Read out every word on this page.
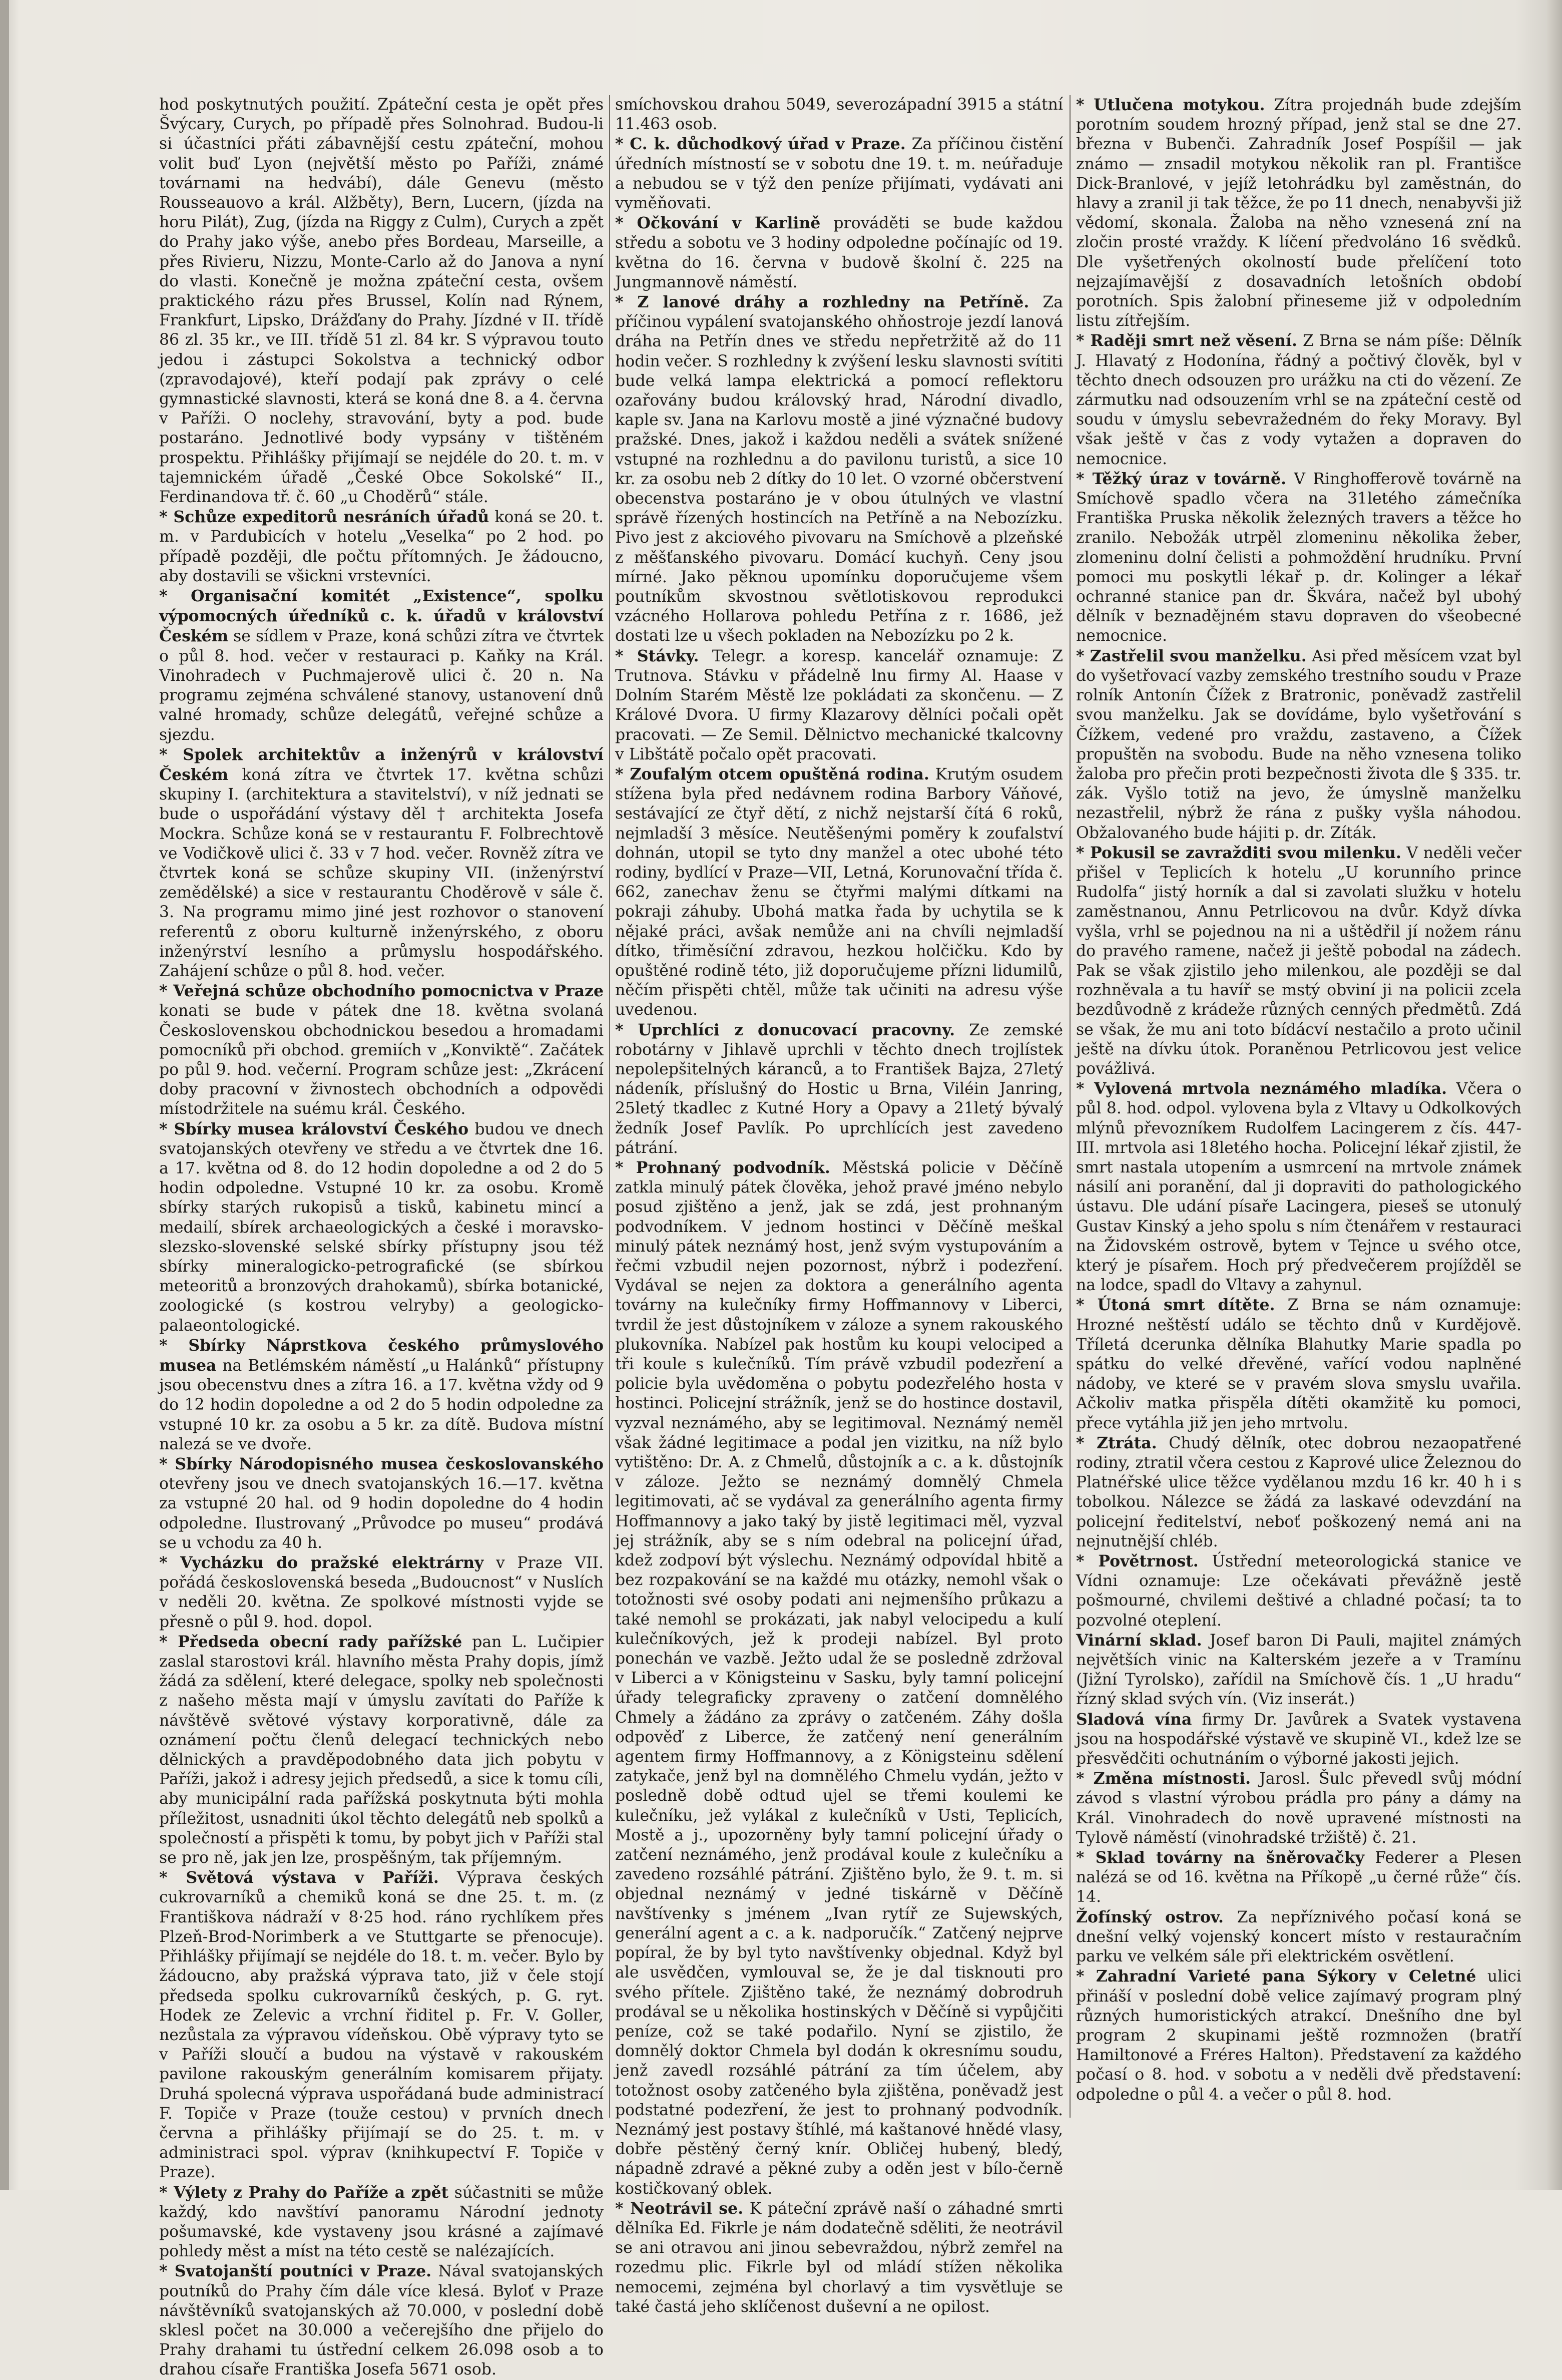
hod poskytnutých použití. Zpáteční cesta je opět přes Švýcary, Curych, po případě přes Solnohrad. Budou-li si účastníci přáti zábavnější cestu zpáteční, mohou volit buď Lyon (největší město po Paříži, známé továrnami na hedvábí), dále Genevu (město Rousseauovo a král. Alžběty), Bern, Lucern, (jízda na horu Pilát), Zug, (jízda na Riggy z Culm), Curych a zpět do Prahy jako výše, anebo přes Bordeau, Marseille, a přes Rivieru, Nizzu, Monte-Carlo až do Janova a nyní do vlasti. Konečně je možna zpáteční cesta, ovšem praktického rázu přes Brussel, Kolín nad Rýnem, Frankfurt, Lipsko, Drážďany do Prahy. Jízdné v II. třídě 86 zl. 35 kr., ve III. třídě 51 zl. 84 kr. S výpravou touto jedou i zástupci Sokolstva a technický odbor (zpravodajové), kteří podají pak zprávy o celé gymnastické slavnosti, která se koná dne 8. a 4. června v Paříži. O noclehy, stravování, byty a pod. bude postaráno. Jednotlivé body vypsány v tištěném prospektu. Přihlášky přijímají se nejdéle do 20. t. m. v tajemnickém úřadě „České Obce Sokolské“ II., Ferdinandova tř. č. 60 „u Choděrů“ stále.

* Schůze expeditorů nesráních úřadů koná se 20. t. m. v Pardubicích v hotelu „Veselka“ po 2 hod. po případě později, dle počtu přítomných. Je žádoucno, aby dostavili se všickni vrstevníci.

* Organisační komitét „Existence“, spolku výpomocných úředníků c. k. úřadů v království Českém se sídlem v Praze, koná schůzi zítra ve čtvrtek o půl 8. hod. večer v restauraci p. Kaňky na Král. Vinohradech v Puchmajerově ulici č. 20 n. Na programu zejména schválené stanovy, ustanovení dnů valné hromady, schůze delegátů, veřejné schůze a sjezdu.

* Spolek architektův a inženýrů v království Českém koná zítra ve čtvrtek 17. května schůzi skupiny I. (architektura a stavitelství), v níž jednati se bude o uspořádání výstavy děl † architekta Josefa Mockra. Schůze koná se v restaurantu F. Folbrechtově ve Vodičkově ulici č. 33 v 7 hod. večer. Rovněž zítra ve čtvrtek koná se schůze skupiny VII. (inženýrství zemědělské) a sice v restaurantu Choděrově v sále č. 3. Na programu mimo jiné jest rozhovor o stanovení referentů z oboru kulturně inženýrského, z oboru inženýrství lesního a průmyslu hospodářského. Zahájení schůze o půl 8. hod. večer.

* Veřejná schůze obchodního pomocnictva v Praze konati se bude v pátek dne 18. května svolaná Československou obchodnickou besedou a hromadami pomocníků při obchod. gremiích v „Konviktě“. Začátek po půl 9. hod. večerní. Program schůze jest: „Zkrácení doby pracovní v živnostech obchodních a odpovědi místodržitele na suému král. Českého.

* Sbírky musea království Českého budou ve dnech svatojanských otevřeny ve středu a ve čtvrtek dne 16. a 17. května od 8. do 12 hodin dopoledne a od 2 do 5 hodin odpoledne. Vstupné 10 kr. za osobu. Kromě sbírky starých rukopisů a tisků, kabinetu mincí a medailí, sbírek archaeologických a české i moravsko-slezsko-slovenské selské sbírky přístupny jsou též sbírky mineralogicko-petrografické (se sbírkou meteoritů a bronzových drahokamů), sbírka botanické, zoologické (s kostrou velryby) a geologicko-palaeontologické.

* Sbírky Náprstkova českého průmyslového musea na Betlémském náměstí „u Halánků“ přístupny jsou obecenstvu dnes a zítra 16. a 17. května vždy od 9 do 12 hodin dopoledne a od 2 do 5 hodin odpoledne za vstupné 10 kr. za osobu a 5 kr. za dítě. Budova místní nalezá se ve dvoře.

* Sbírky Národopisného musea českoslovanského otevřeny jsou ve dnech svatojanských 16.—17. května za vstupné 20 hal. od 9 hodin dopoledne do 4 hodin odpoledne. Ilustrovaný „Průvodce po museu“ prodává se u vchodu za 40 h.

* Vycházku do pražské elektrárny v Praze VII. pořádá československá beseda „Budoucnost“ v Nuslích v neděli 20. května. Ze spolkové místnosti vyjde se přesně o půl 9. hod. dopol.

* Předseda obecní rady pařížské pan L. Lučipier zaslal starostovi král. hlavního města Prahy dopis, jímž žádá za sdělení, které delegace, spolky neb společnosti z našeho města mají v úmyslu zavítati do Paříže k návštěvě světové výstavy korporativně, dále za oznámení počtu členů delegací technických nebo dělnických a pravděpodobného data jich pobytu v Paříži, jakož i adresy jejich předsedů, a sice k tomu cíli, aby municipální rada pařížská poskytnuta býti mohla příležitost, usnadniti úkol těchto delegátů neb spolků a společností a přispěti k tomu, by pobyt jich v Paříži stal se pro ně, jak jen lze, prospěšným, tak příjemným.

* Světová výstava v Paříži. Výprava českých cukrovarníků a chemiků koná se dne 25. t. m. (z Františkova nádraží v 8·25 hod. ráno rychlíkem přes Plzeň-Brod-Norimberk a ve Stuttgarte se přenocuje). Přihlášky přijímají se nejdéle do 18. t. m. večer. Bylo by žádoucno, aby pražská výprava tato, již v čele stojí předseda spolku cukrovarníků českých, p. G. ryt. Hodek ze Zelevic a vrchní řiditel p. Fr. V. Goller, nezůstala za výpravou vídeňskou. Obě výpravy tyto se v Paříži sloučí a budou na výstavě v rakouském pavilone rakouským generálním komisarem přijaty. Druhá spolecná výprava uspořádaná bude administrací F. Topiče v Praze (touže cestou) v prvních dnech června a přihlášky přijímají se do 25. t. m. v administraci spol. výprav (knihkupectví F. Topiče v Praze).

* Výlety z Prahy do Paříže a zpět súčastniti se může každý, kdo navštíví panoramu Národní jednoty pošumavské, kde vystaveny jsou krásné a zajímavé pohledy měst a míst na této cestě se nalézajících.

* Svatojanští poutníci v Praze. Nával svatojanských poutníků do Prahy čím dále více klesá. Byloť v Praze návštěvníků svatojanských až 70.000, v poslední době sklesl počet na 30.000 a večerejšího dne přijelo do Prahy drahami tu ústřední celkem 26.098 osob a to drahou císaře Františka Josefa 5671 osob.

smíchovskou drahou 5049, severozápadní 3915 a státní 11.463 osob.

* C. k. důchodkový úřad v Praze. Za příčinou čistění úředních místností se v sobotu dne 19. t. m. neúřaduje a nebudou se v týž den peníze přijímati, vydávati ani vyměňovati.

* Očkování v Karlině prováděti se bude každou středu a sobotu ve 3 hodiny odpoledne počínajíc od 19. května do 16. června v budově školní č. 225 na Jungmannově náměstí.

* Z lanové dráhy a rozhledny na Petříně. Za příčinou vypálení svatojanského ohňostroje jezdí lanová dráha na Petřín dnes ve středu nepřetržitě až do 11 hodin večer. S rozhledny k zvýšení lesku slavnosti svítiti bude velká lampa elektrická a pomocí reflektoru ozařovány budou královský hrad, Národní divadlo, kaple sv. Jana na Karlovu mostě a jiné význačné budovy pražské. Dnes, jakož i každou neděli a svátek snížené vstupné na rozhlednu a do pavilonu turistů, a sice 10 kr. za osobu neb 2 dítky do 10 let. O vzorné občerstvení obecenstva postaráno je v obou útulných ve vlastní správě řízených hostincích na Petříně a na Nebozízku. Pivo jest z akciového pivovaru na Smíchově a plzeňské z měšťanského pivovaru. Domácí kuchyň. Ceny jsou mírné. Jako pěknou upomínku doporučujeme všem poutníkům skvostnou světlotiskovou reprodukci vzácného Hollarova pohledu Petřína z r. 1686, jež dostati lze u všech pokladen na Nebozízku po 2 k.

* Stávky. Telegr. a koresp. kancelář oznamuje: Z Trutnova. Stávku v přádelně lnu firmy Al. Haase v Dolním Starém Městě lze pokládati za skončenu. — Z Králové Dvora. U firmy Klazarovy dělníci počali opět pracovati. — Ze Semil. Dělnictvo mechanické tkalcovny v Libštátě počalo opět pracovati.

* Zoufalým otcem opuštěná rodina. Krutým osudem stížena byla před nedávnem rodina Barbory Váňové, sestávající ze čtyř dětí, z nichž nejstarší čítá 6 roků, nejmladší 3 měsíce. Neutěšenými poměry k zoufalství dohnán, utopil se tyto dny manžel a otec ubohé této rodiny, bydlící v Praze—VII, Letná, Korunovační třída č. 662, zanechav ženu se čtyřmi malými dítkami na pokraji záhuby. Ubohá matka řada by uchytila se k nějaké práci, avšak nemůže ani na chvíli nejmladší dítko, třiměsíční zdravou, hezkou holčičku. Kdo by opuštěné rodině této, již doporučujeme přízni lidumilů, něčím přispěti chtěl, může tak učiniti na adresu výše uvedenou.

* Uprchlíci z donucovací pracovny. Ze zemské robotárny v Jihlavě uprchli v těchto dnech trojlístek nepolepšitelných káranců, a to František Bajza, 27letý nádeník, příslušný do Hostic u Brna, Viléin Janring, 25letý tkadlec z Kutné Hory a Opavy a 21letý bývalý žedník Josef Pavlík. Po uprchlících jest zavedeno pátrání.

* Prohnaný podvodník. Městská policie v Děčíně zatkla minulý pátek člověka, jehož pravé jméno nebylo posud zjištěno a jenž, jak se zdá, jest prohnaným podvodníkem. V jednom hostinci v Děčíně meškal minulý pátek neznámý host, jenž svým vystupováním a řečmi vzbudil nejen pozornost, nýbrž i podezření. Vydával se nejen za doktora a generálního agenta továrny na kulečníky firmy Hoffmannovy v Liberci, tvrdil že jest důstojníkem v záloze a synem rakouského plukovníka. Nabízel pak hostům ku koupi velociped a tři koule s kulečníků. Tím právě vzbudil podezření a policie byla uvědoměna o pobytu podezřelého hosta v hostinci. Policejní strážník, jenž se do hostince dostavil, vyzval neznámého, aby se legitimoval. Neznámý neměl však žádné legitimace a podal jen vizitku, na níž bylo vytištěno: Dr. A. z Chmelů, důstojník a c. a k. důstojník v záloze. Ježto se neznámý domnělý Chmela legitimovati, ač se vydával za generálního agenta firmy Hoffmannovy a jako taký by jistě legitimaci měl, vyzval jej strážník, aby se s ním odebral na policejní úřad, kdež zodpoví být výslechu. Neznámý odpovídal hbitě a bez rozpakování se na každé mu otázky, nemohl však o totožnosti své osoby podati ani nejmenšího průkazu a také nemohl se prokázati, jak nabyl velocipedu a kulí kulečníkových, jež k prodeji nabízel. Byl proto ponechán ve vazbě. Ježto udal že se posledně zdržoval v Liberci a v Königsteinu v Sasku, byly tamní policejní úřady telegraficky zpraveny o zatčení domnělého Chmely a žádáno za zprávy o zatčeném. Záhy došla odpověď z Liberce, že zatčený není generálním agentem firmy Hoffmannovy, a z Königsteinu sdělení zatykače, jenž byl na domnělého Chmelu vydán, ježto v posledně době odtud ujel se třemi koulemi ke kulečníku, jež vylákal z kulečníků v Usti, Teplicích, Mostě a j., upozorněny byly tamní policejní úřady o zatčení neznámého, jenž prodával koule z kulečníku a zavedeno rozsáhlé pátrání. Zjištěno bylo, že 9. t. m. si objednal neznámý v jedné tiskárně v Děčíně navštívenky s jménem „Ivan rytíř ze Sujewských, generální agent a c. a k. nadporučík.“ Zatčený nejprve popíral, že by byl tyto navštívenky objednal. Když byl ale usvědčen, vymlouval se, že je dal tisknouti pro svého přítele. Zjištěno také, že neznámý dobrodruh prodával se u několika hostinských v Děčíně si vypůjčiti peníze, což se také podařilo. Nyní se zjistilo, že domnělý doktor Chmela byl dodán k okresnímu soudu, jenž zavedl rozsáhlé pátrání za tím účelem, aby totožnost osoby zatčeného byla zjištěna, poněvadž jest podstatné podezření, že jest to prohnaný podvodník. Neznámý jest postavy štíhlé, má kaštanové hnědé vlasy, dobře pěstěný černý knír. Obličej hubený, bledý, nápadně zdravé a pěkné zuby a oděn jest v bílo-černě kostičkovaný oblek.

* Neotrávil se. K páteční zprávě naší o záhadné smrti dělníka Ed. Fikrle je nám dodatečně sděliti, že neotrávil se ani otravou ani jinou sebevraždou, nýbrž zemřel na rozedmu plic. Fikrle byl od mládí stížen několika nemocemi, zejména byl chorlavý a tim vysvětluje se také častá jeho sklíčenost duševní a ne opilost.

* Utlučena motykou. Zítra projednáh bude zdejším porotním soudem hrozný případ, jenž stal se dne 27. března v Bubenči. Zahradník Josef Pospíšil — jak známo — znsadil motykou několik ran pl. Františce Dick-Branlové, v jejíž letohrádku byl zaměstnán, do hlavy a zranil ji tak těžce, že po 11 dnech, nenabyvši již vědomí, skonala. Žaloba na něho vznesená zní na zločin prosté vraždy. K líčení předvoláno 16 svědků. Dle vyšetřených okolností bude přelíčení toto nejzajímavější z dosavadních letošních období porotních. Spis žalobní přineseme již v odpoledním listu zítřejším.

* Raději smrt než věsení. Z Brna se nám píše: Dělník J. Hlavatý z Hodonína, řádný a počtivý člověk, byl v těchto dnech odsouzen pro urážku na cti do vězení. Ze zármutku nad odsouzením vrhl se na zpáteční cestě od soudu v úmyslu sebevražedném do řeky Moravy. Byl však ještě v čas z vody vytažen a dopraven do nemocnice.

* Těžký úraz v továrně. V Ringhofferově továrně na Smíchově spadlo včera na 31letého zámečníka Františka Pruska několik železných travers a těžce ho zranilo. Nebožák utrpěl zlomeninu několika žeber, zlomeninu dolní čelisti a pohmoždění hrudníku. První pomoci mu poskytli lékař p. dr. Kolinger a lékař ochranné stanice pan dr. Škvára, načež byl ubohý dělník v beznadějném stavu dopraven do všeobecné nemocnice.

* Zastřelil svou manželku. Asi před měsícem vzat byl do vyšetřovací vazby zemského trestního soudu v Praze rolník Antonín Čížek z Bratronic, poněvadž zastřelil svou manželku. Jak se dovídáme, bylo vyšetřování s Čížkem, vedené pro vraždu, zastaveno, a Čížek propuštěn na svobodu. Bude na něho vznesena toliko žaloba pro přečin proti bezpečnosti života dle § 335. tr. zák. Vyšlo totiž na jevo, že úmyslně manželku nezastřelil, nýbrž že rána z pušky vyšla náhodou. Obžalovaného bude hájiti p. dr. Zíták.

* Pokusil se zavražditi svou milenku. V neděli večer přišel v Teplicích k hotelu „U korunního prince Rudolfa“ jistý horník a dal si zavolati služku v hotelu zaměstnanou, Annu Petrlicovou na dvůr. Když dívka vyšla, vrhl se pojednou na ni a uštědřil jí nožem ránu do pravého ramene, načež ji ještě pobodal na zádech. Pak se však zjistilo jeho milenkou, ale později se dal rozhněvala a tu havíř se mstý obviní ji na policii zcela bezdůvodně z krádeže různých cenných předmětů. Zdá se však, že mu ani toto bídácví nestačilo a proto učinil ještě na dívku útok. Poraněnou Petrlicovou jest velice povážlivá.

* Vylovená mrtvola neznámého mladíka. Včera o půl 8. hod. odpol. vylovena byla z Vltavy u Odkolkových mlýnů převozníkem Rudolfem Lacingerem z čís. 447-III. mrtvola asi 18letého hocha. Policejní lékař zjistil, že smrt nastala utopením a usmrcení na mrtvole známek násilí ani poranění, dal ji dopraviti do pathologického ústavu. Dle udání písaře Lacingera, pieseš se utonulý Gustav Kinský a jeho spolu s ním čtenářem v restauraci na Židovském ostrově, bytem v Tejnce u svého otce, který je písařem. Hoch prý předvečerem projížděl se na lodce, spadl do Vltavy a zahynul.

* Útoná smrt dítěte. Z Brna se nám oznamuje: Hrozné neštěstí událo se těchto dnů v Kurdějově. Tříletá dcerunka dělníka Blahutky Marie spadla po spátku do velké dřevěné, vařící vodou naplněné nádoby, ve které se v pravém slova smyslu uvařila. Ačkoliv matka přispěla dítěti okamžitě ku pomoci, přece vytáhla již jen jeho mrtvolu.

* Ztráta. Chudý dělník, otec dobrou nezaopatřené rodiny, ztratil včera cestou z Kaprové ulice Železnou do Platnéřské ulice těžce vydělanou mzdu 16 kr. 40 h i s tobolkou. Nálezce se žádá za laskavé odevzdání na policejní ředitelství, neboť poškozený nemá ani na nejnutnější chléb.

* Povětrnost. Ústřední meteorologická stanice ve Vídni oznamuje: Lze očekávati převážně jestě pošmourné, chvilemi deštivé a chladné počasí; ta to pozvolné oteplení.

Vinární sklad. Josef baron Di Pauli, majitel známých největších vinic na Kalterském jezeře a v Tramínu (Jižní Tyrolsko), zařídil na Smíchově čís. 1 „U hradu“ řízný sklad svých vín. (Viz inserát.)

Sladová vína firmy Dr. Javůrek a Svatek vystavena jsou na hospodářské výstavě ve skupině VI., kdež lze se přesvědčiti ochutnáním o výborné jakosti jejich.

* Změna místnosti. Jarosl. Šulc převedl svůj módní závod s vlastní výrobou prádla pro pány a dámy na Král. Vinohradech do nově upravené místnosti na Tylově náměstí (vinohradské tržiště) č. 21.

* Sklad továrny na šněrovačky Federer a Plesen nalézá se od 16. května na Příkopě „u černé růže“ čís. 14.

Žofínský ostrov. Za nepříznivého počasí koná se dnešní velký vojenský koncert místo v restauračním parku ve velkém sále při elektrickém osvětlení.

* Zahradní Varieté pana Sýkory v Celetné ulici přináší v poslední době velice zajímavý program plný různých humoristických atrakcí. Dnešního dne byl program 2 skupinami ještě rozmnožen (bratří Hamiltonové a Fréres Halton). Představení za každého počasí o 8. hod. v sobotu a v neděli dvě představení: odpoledne o půl 4. a večer o půl 8. hod.
